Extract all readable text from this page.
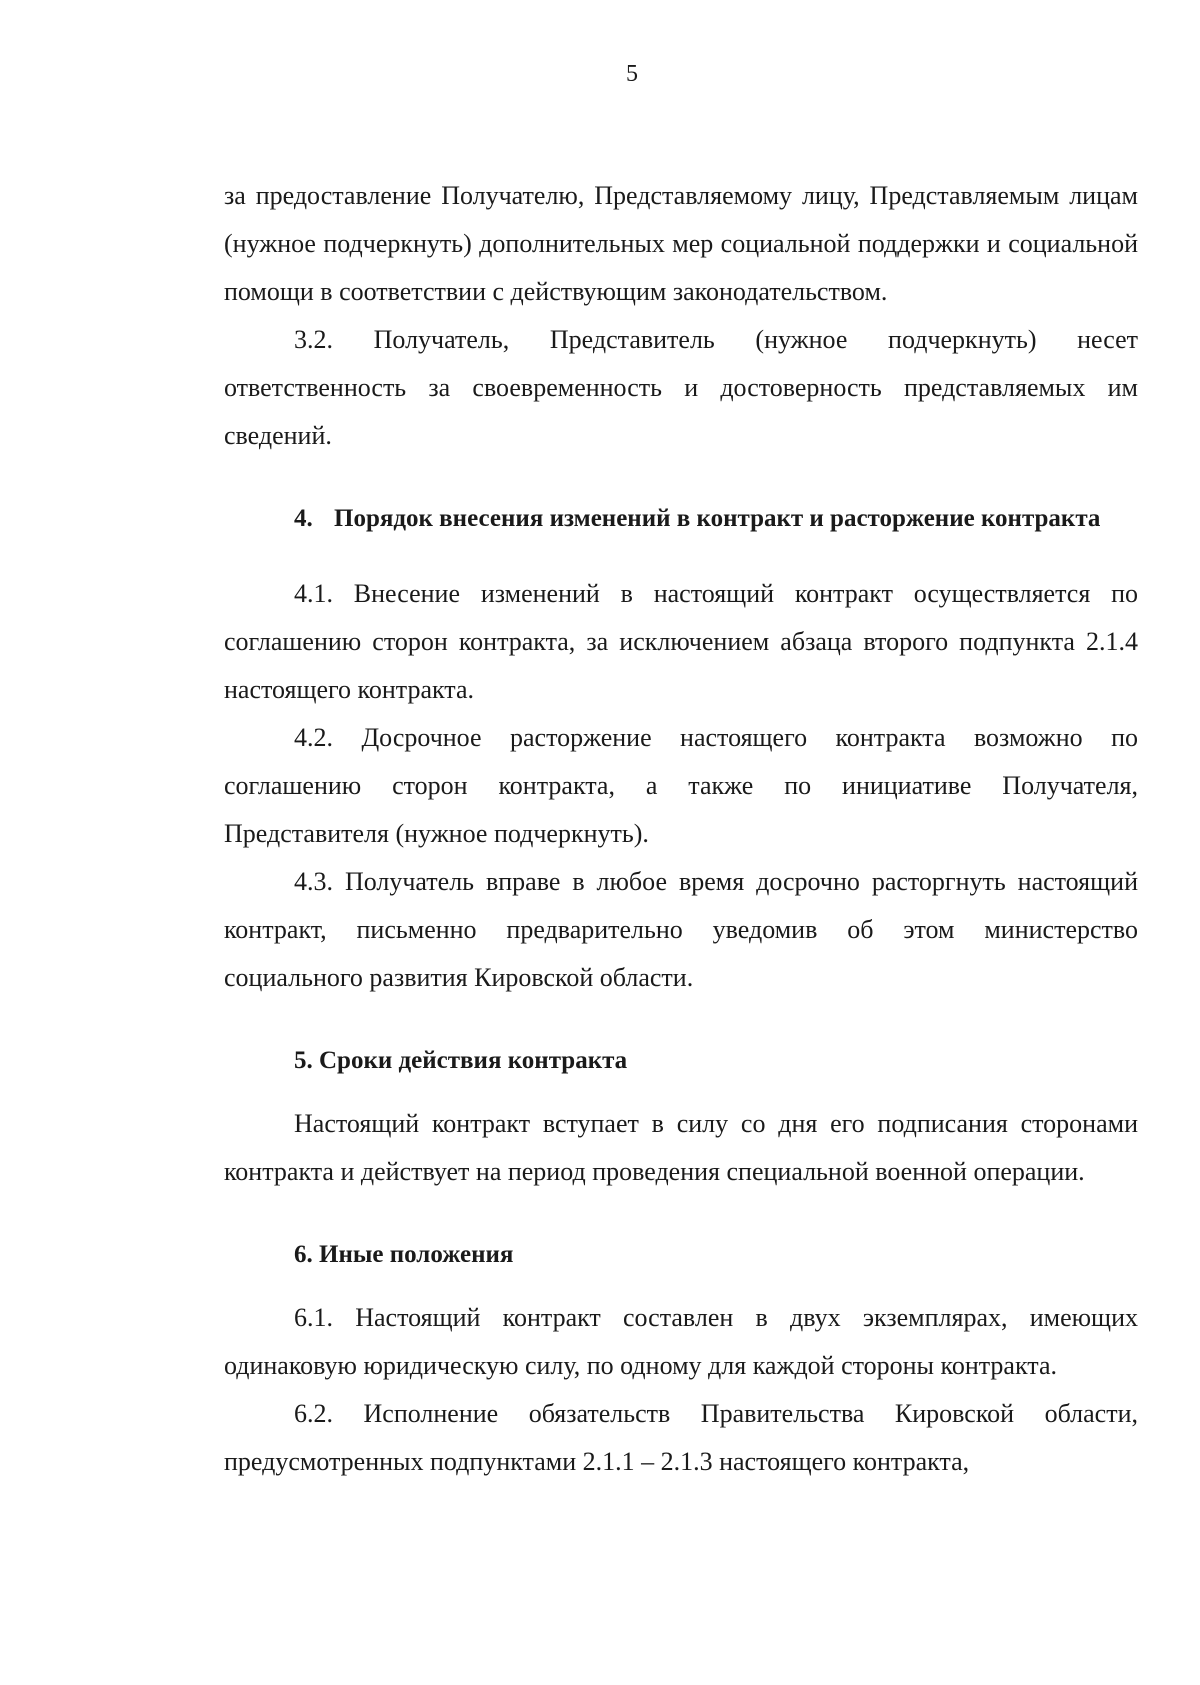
5

за предоставление Получателю, Представляемому лицу, Представляемым лицам (нужное подчеркнуть) дополнительных мер социальной поддержки и социальной помощи в соответствии с действующим законодательством.

3.2. Получатель, Представитель (нужное подчеркнуть) несет ответственность за своевременность и достоверность представляемых им сведений.

4. Порядок внесения изменений в контракт и расторжение контракта

4.1. Внесение изменений в настоящий контракт осуществляется по соглашению сторон контракта, за исключением абзаца второго подпункта 2.1.4 настоящего контракта.

4.2. Досрочное расторжение настоящего контракта возможно по соглашению сторон контракта, а также по инициативе Получателя, Представителя (нужное подчеркнуть).

4.3. Получатель вправе в любое время досрочно расторгнуть настоящий контракт, письменно предварительно уведомив об этом министерство социального развития Кировской области.

5. Сроки действия контракта

Настоящий контракт вступает в силу со дня его подписания сторонами контракта и действует на период проведения специальной военной операции.

6. Иные положения

6.1. Настоящий контракт составлен в двух экземплярах, имеющих одинаковую юридическую силу, по одному для каждой стороны контракта.

6.2. Исполнение обязательств Правительства Кировской области, предусмотренных подпунктами 2.1.1 – 2.1.3 настоящего контракта,
